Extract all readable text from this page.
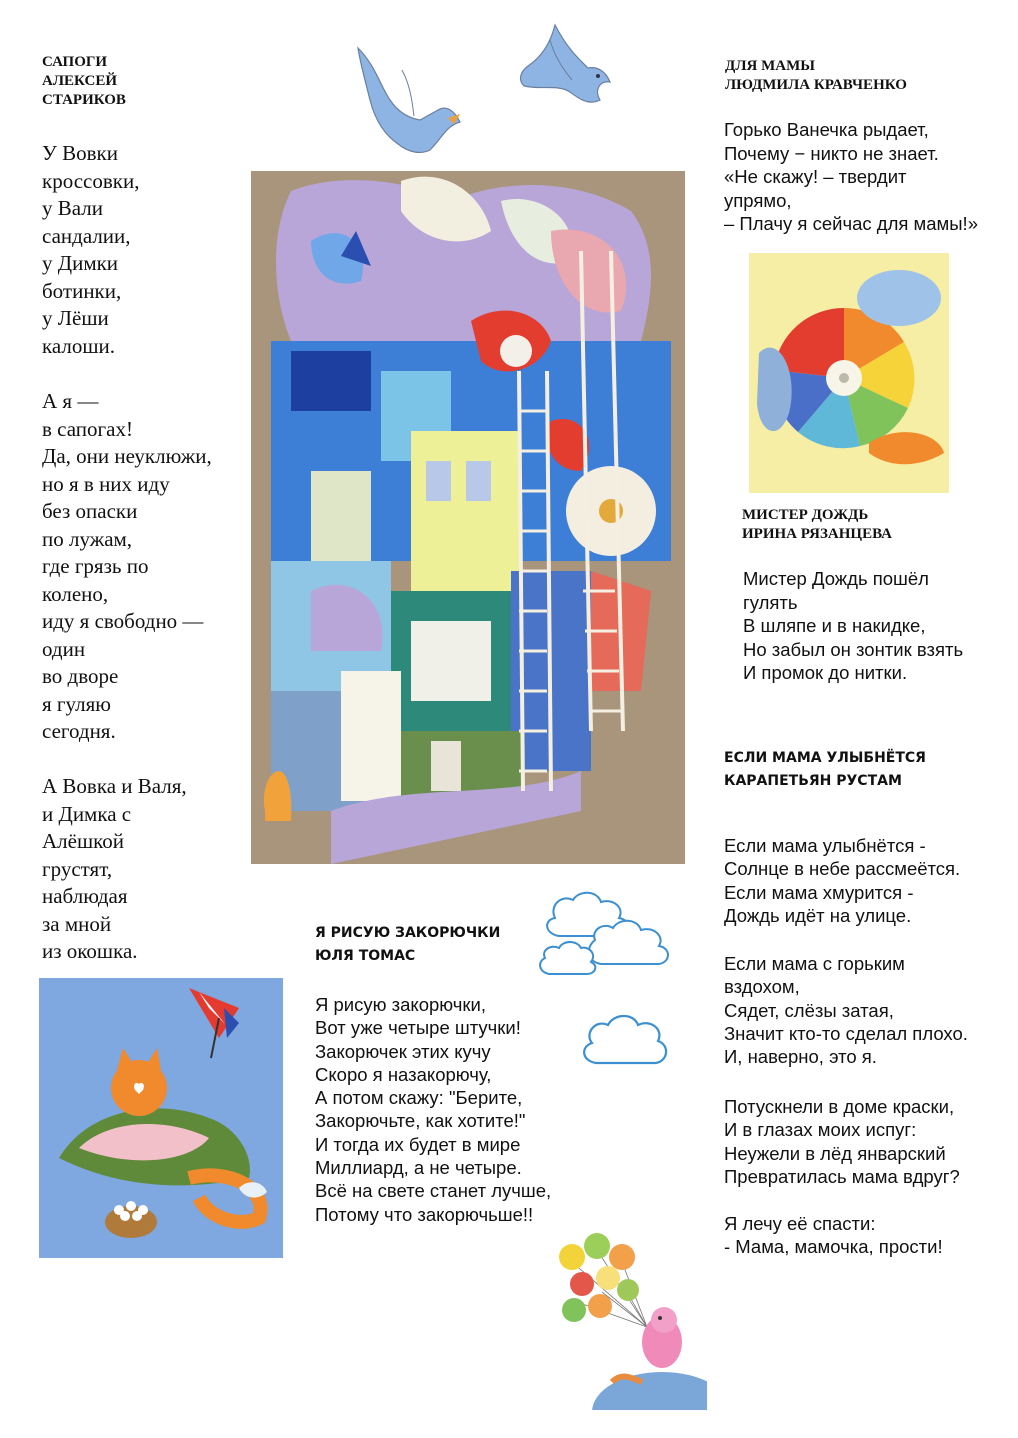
САПОГИ
АЛЕКСЕЙ
СТАРИКОВ

У Вовки
кроссовки,
у Вали
сандалии,
у Димки
ботинки,
у Лёши
калоши.

А я —
в сапогах!
Да, они неуклюжи,
но я в них иду
без опаски
по лужам,
где грязь по
колено,
иду я свободно —
один
во дворе
я гуляю
сегодня.

А Вовка и Валя,
и Димка с
Алёшкой
грустят,
наблюдая
за мной
из окошка.

ДЛЯ МАМЫ
ЛЮДМИЛА КРАВЧЕНКО

Горько Ванечка рыдает,
Почему − никто не знает.
«Не скажу! – твердит
упрямо,
– Плачу я сейчас для мамы!»

МИСТЕР ДОЖДЬ
ИРИНА РЯЗАНЦЕВА

Мистер Дождь пошёл
гулять
В шляпе и в накидке,
Но забыл он зонтик взять
И промок до нитки.

ЕСЛИ МАМА УЛЫБНЁТСЯ
КАРАПЕТЬЯН РУСТАМ

Если мама улыбнётся -
Солнце в небе рассмеётся.
Если мама хмурится -
Дождь идёт на улице.

Если мама с горьким
вздохом,
Сядет, слёзы затая,
Значит кто-то сделал плохо.
И, наверно, это я.

Потускнели в доме краски,
И в глазах моих испуг:
Неужели в лёд январский
Превратилась мама вдруг?

Я лечу её спасти:
- Мама, мамочка, прости!

Я РИСУЮ ЗАКОРЮЧКИ
ЮЛЯ ТОМАС

Я рисую закорючки,
Вот уже четыре штучки!
Закорючек этих кучу
Скоро я назакорючу,
А потом скажу: "Берите,
Закорючьте, как хотите!"
И тогда их будет в мире
Миллиард, а не четыре.
Всё на свете станет лучше,
Потому что закорючьше!!
